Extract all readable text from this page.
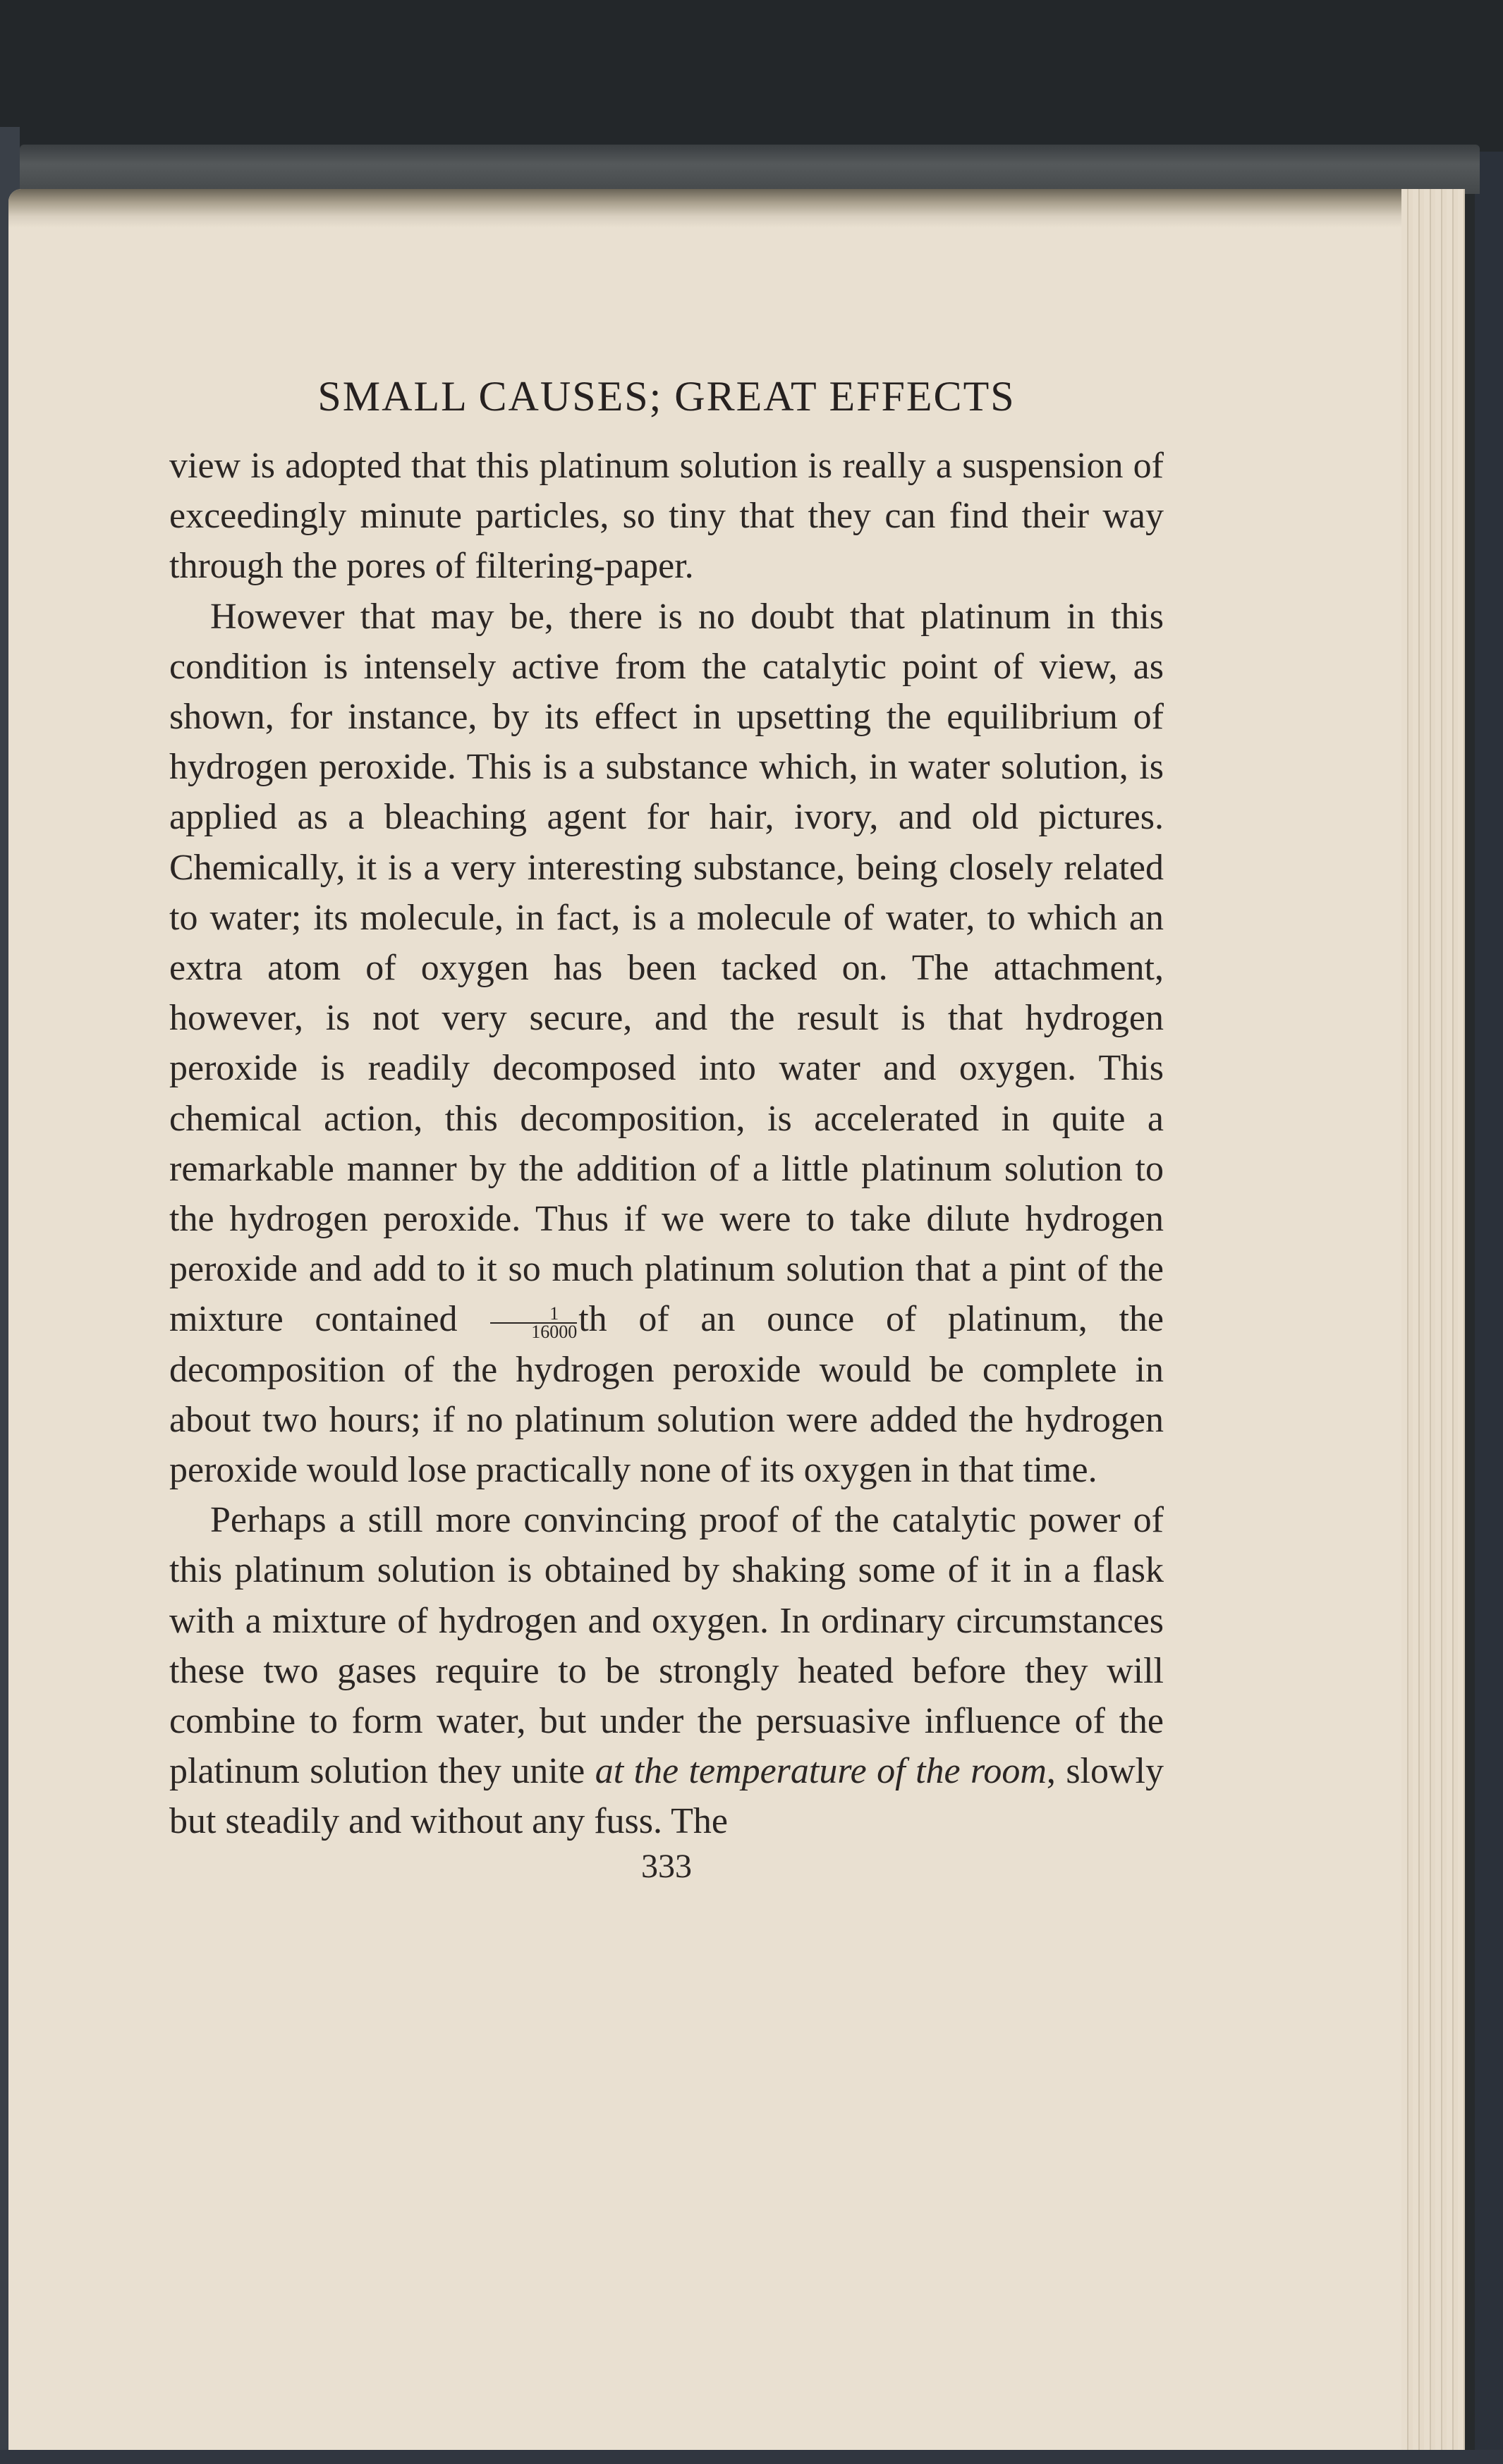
SMALL CAUSES; GREAT EFFECTS

view is adopted that this platinum solution is really a suspension of exceedingly minute particles, so tiny that they can find their way through the pores of filtering-paper.

However that may be, there is no doubt that platinum in this condition is intensely active from the catalytic point of view, as shown, for instance, by its effect in upsetting the equilibrium of hydrogen peroxide. This is a substance which, in water solution, is applied as a bleaching agent for hair, ivory, and old pictures. Chemically, it is a very interesting substance, being closely related to water; its molecule, in fact, is a molecule of water, to which an extra atom of oxygen has been tacked on. The attachment, however, is not very secure, and the result is that hydrogen peroxide is readily decomposed into water and oxygen. This chemical action, this decomposition, is accelerated in quite a remarkable manner by the addition of a little platinum solution to the hydrogen peroxide. Thus if we were to take dilute hydrogen peroxide and add to it so much platinum solution that a pint of the mixture contained $\frac{1}{16000}$ th of an ounce of platinum, the decomposition of the hydrogen peroxide would be complete in about two hours; if no platinum solution were added the hydrogen peroxide would lose practically none of its oxygen in that time.

Perhaps a still more convincing proof of the catalytic power of this platinum solution is obtained by shaking some of it in a flask with a mixture of hydrogen and oxygen. In ordinary circumstances these two gases require to be strongly heated before they will combine to form water, but under the persuasive influence of the platinum solution they unite at the temperature of the room, slowly but steadily and without any fuss. The

333
